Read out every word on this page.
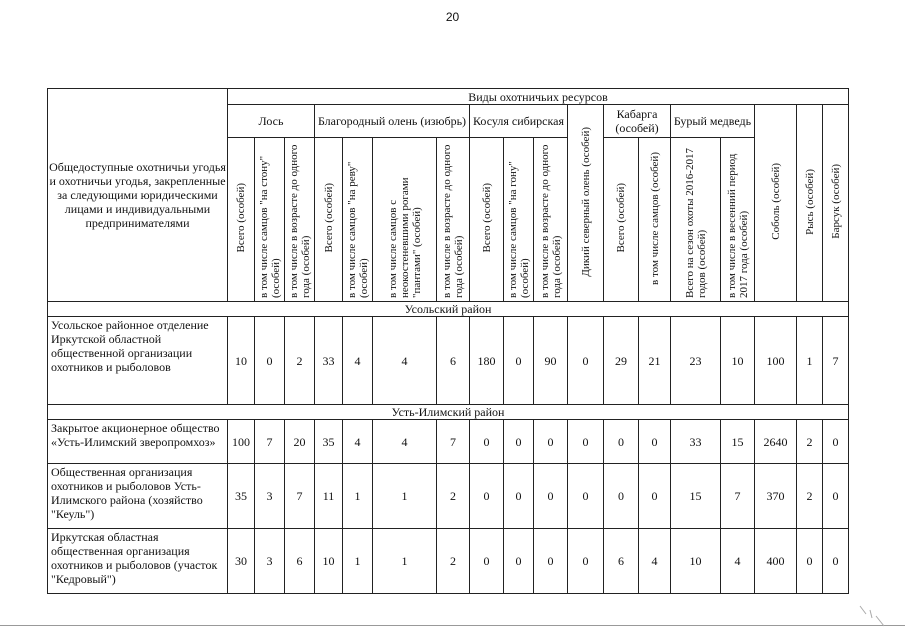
20
Общедоступные охотничьи угодья и охотничьи угодья, закрепленные за следующими юридическими лицами и индивидуальными предпринимателями	Виды охотничьих ресурсов																	
	Лось			Благородный олень (изюбрь)				Косуля сибирская			Дикий северный олень (особей)	Кабарга (особей)		Бурый медведь		Соболь (особей)	Рысь (особей)	Барсук (особей)
	Всего (особей)	в том числе самцов "на стону" (особей)	в том числе в возрасте до одного года (особей)	Всего (особей)	в том числе самцов "на реву" (особей)	в том числе самцов с неокостеневшими рогами "пантами" (особей)	в том числе в возрасте до одного года (особей)	Всего (особей)	в том числе самцов "на гону" (особей)	в том числе в возрасте до одного года (особей)		Всего (особей)	в том числе самцов (особей)	Всего на сезон охоты 2016-2017 годов (особей)	в том числе в весенний период 2017 года (особей)			
Усольский район																		
Усольское районное отделение Иркутской областной общественной организации охотников и рыболовов	10	0	2	33	4	4	6	180	0	90	0	29	21	23	10	100	1	7
Усть-Илимский район																		
Закрытое акционерное общество «Усть-Илимский зверопромхоз»	100	7	20	35	4	4	7	0	0	0	0	0	0	33	15	2640	2	0
Общественная организация охотников и рыболовов Усть-Илимского района (хозяйство "Кеуль")	35	3	7	11	1	1	2	0	0	0	0	0	0	15	7	370	2	0
Иркутская областная общественная организация охотников и рыболовов (участок "Кедровый")	30	3	6	10	1	1	2	0	0	0	0	6	4	10	4	400	0	0
